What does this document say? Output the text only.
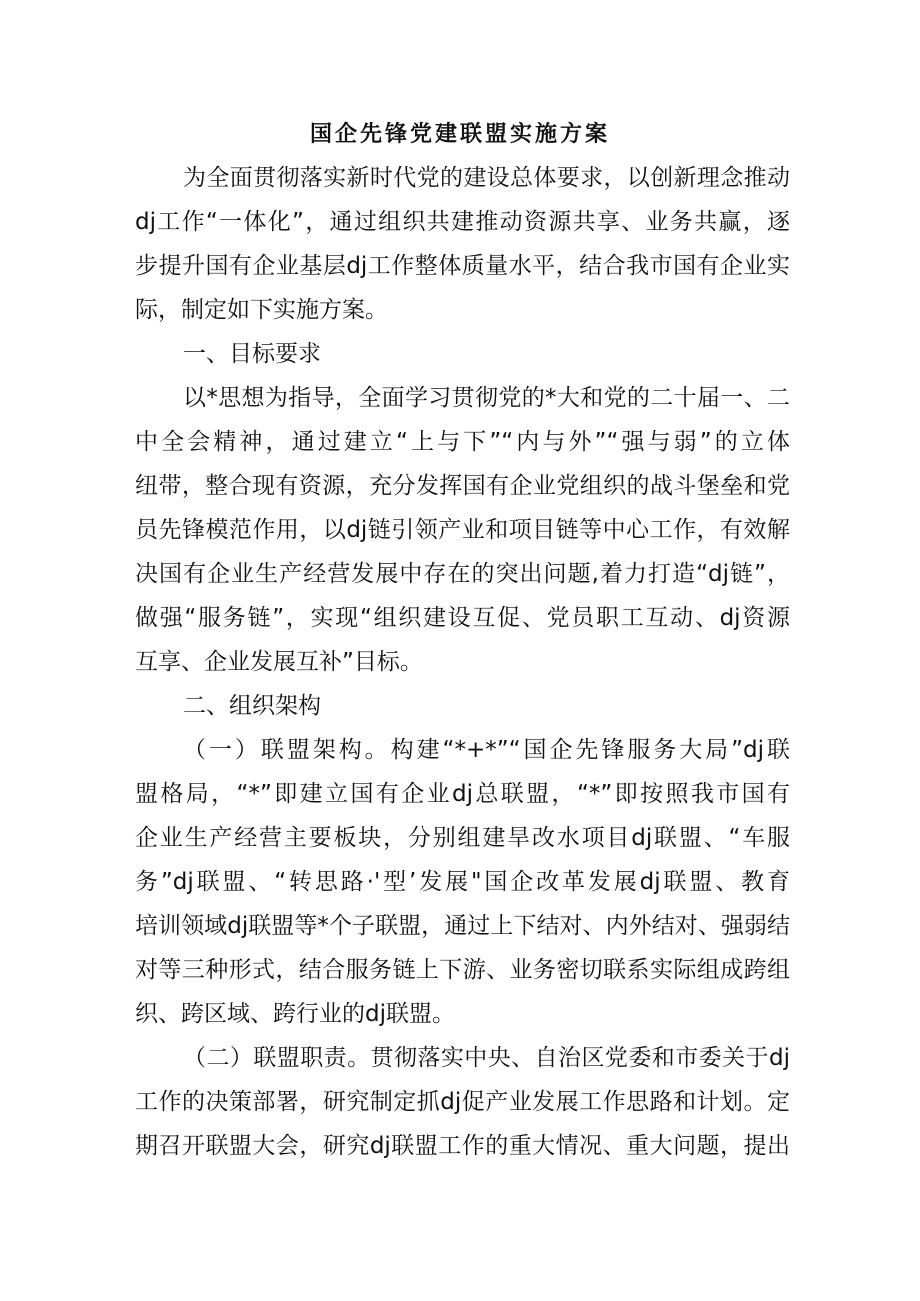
国企先锋党建联盟实施方案

为全面贯彻落实新时代党的建设总体要求，以创新理念推动

dj工作“一体化”，通过组织共建推动资源共享、业务共赢，逐

步提升国有企业基层dj工作整体质量水平，结合我市国有企业实

际，制定如下实施方案。

一、目标要求

以*思想为指导，全面学习贯彻党的*大和党的二十届一、二

中全会精神，通过建立“上与下”“内与外”“强与弱”的立体

纽带，整合现有资源，充分发挥国有企业党组织的战斗堡垒和党

员先锋模范作用，以dj链引领产业和项目链等中心工作，有效解

决国有企业生产经营发展中存在的突出问题,着力打造“dj链”，

做强“服务链”，实现“组织建设互促、党员职工互动、dj资源

互享、企业发展互补”目标。

二、组织架构

（一）联盟架构。构建“*+*”“国企先锋服务大局”dj联

盟格局，“*”即建立国有企业dj总联盟，“*”即按照我市国有

企业生产经营主要板块，分别组建旱改水项目dj联盟、“车服

务”dj联盟、“转思路·'型’发展"国企改革发展dj联盟、教育

培训领域dj联盟等*个子联盟，通过上下结对、内外结对、强弱结

对等三种形式，结合服务链上下游、业务密切联系实际组成跨组

织、跨区域、跨行业的dj联盟。

（二）联盟职责。贯彻落实中央、自治区党委和市委关于dj

工作的决策部署，研究制定抓dj促产业发展工作思路和计划。定

期召开联盟大会，研究dj联盟工作的重大情况、重大问题，提出
